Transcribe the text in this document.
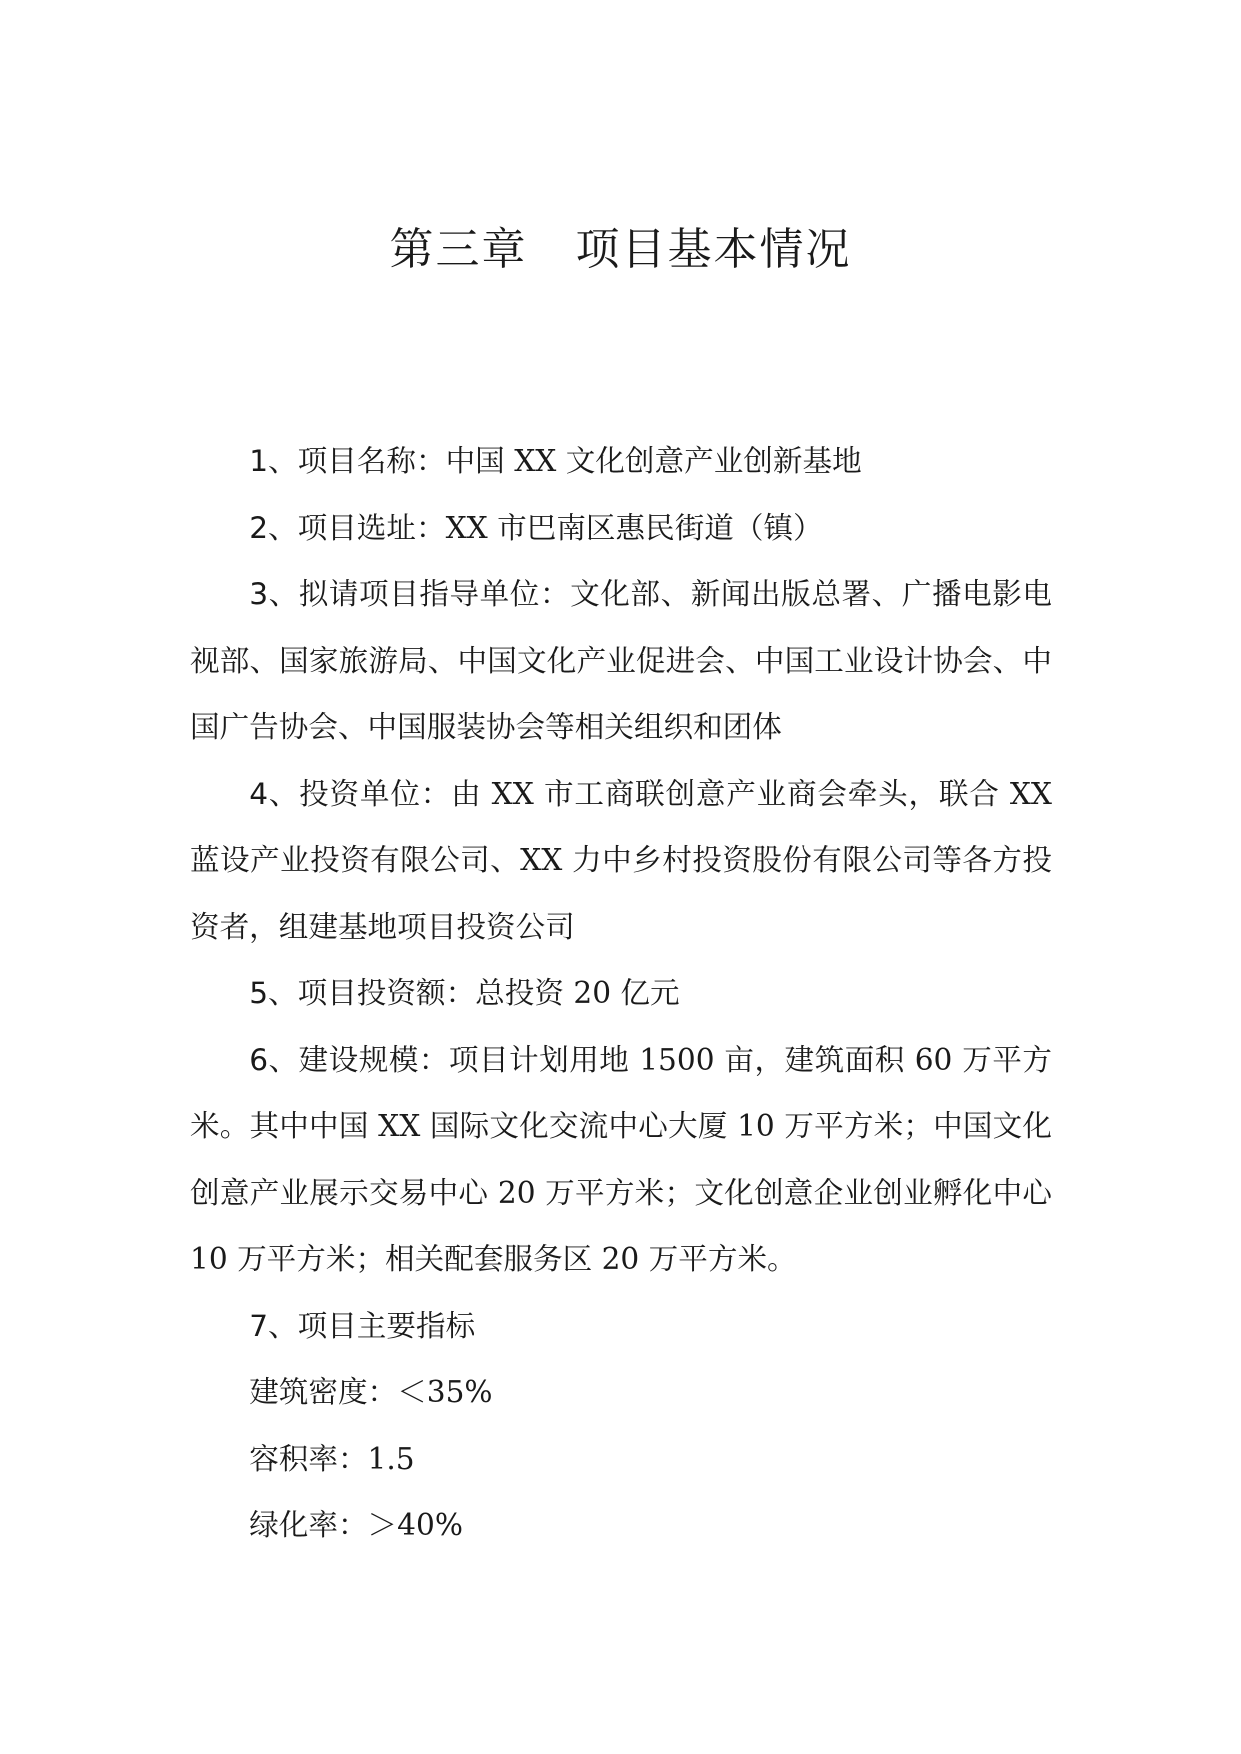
第三章   项目基本情况

1、项目名称：中国 XX 文化创意产业创新基地

2、项目选址：XX 市巴南区惠民街道（镇）

3、拟请项目指导单位：文化部、新闻出版总署、广播电影电视部、国家旅游局、中国文化产业促进会、中国工业设计协会、中国广告协会、中国服装协会等相关组织和团体

4、投资单位：由 XX 市工商联创意产业商会牵头，联合 XX 蓝设产业投资有限公司、XX 力中乡村投资股份有限公司等各方投资者，组建基地项目投资公司

5、项目投资额：总投资 20 亿元

6、建设规模：项目计划用地 1500 亩，建筑面积 60 万平方米。其中中国 XX 国际文化交流中心大厦 10 万平方米；中国文化创意产业展示交易中心 20 万平方米；文化创意企业创业孵化中心 10 万平方米；相关配套服务区 20 万平方米。

7、项目主要指标

建筑密度：＜35%

容积率：1.5

绿化率：＞40%
